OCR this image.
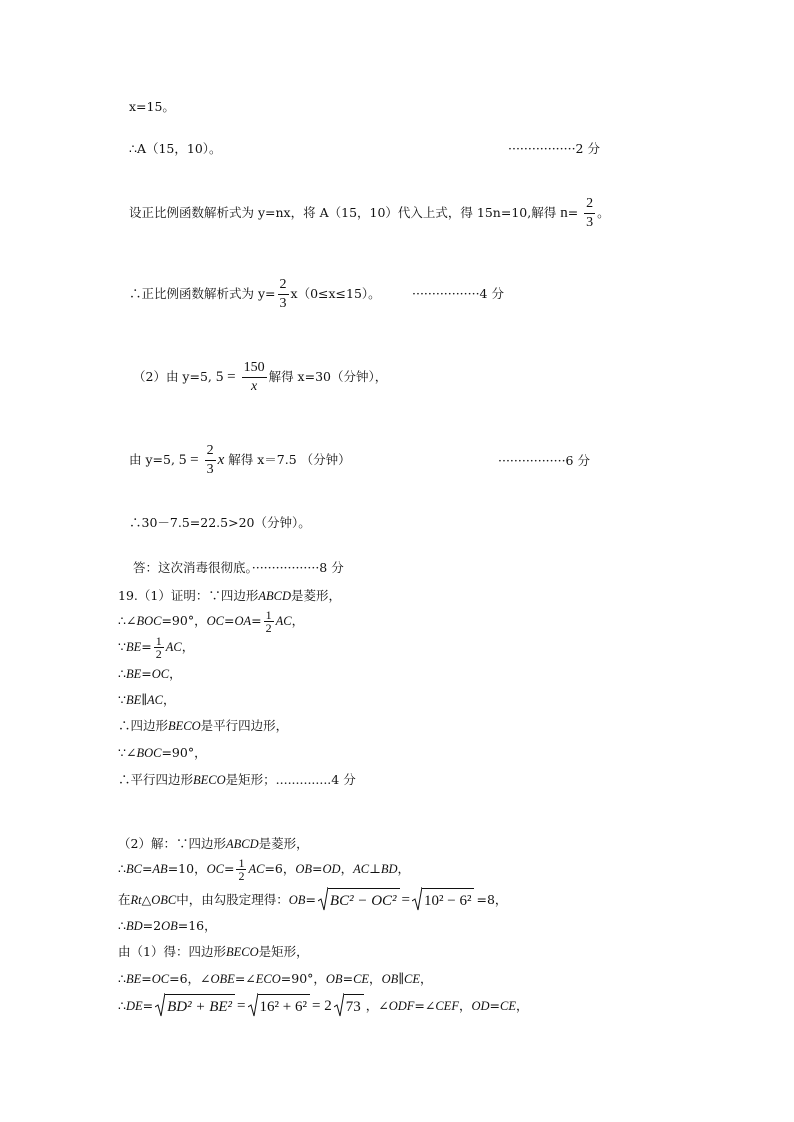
x=15。
∴A（15，10）。	·················2 分
设正比例函数解析式为 y=nx，将 A（15，10）代入上式，得 15n=10,解得 $n= \frac{2}{3}$ 。
∴正比例函数解析式为 $y= \frac{2}{3} x(0\le x\le 15)$。	·················4 分
（2）由 y=5, $5 = \frac{150}{x}$ 解得 x=30（分钟），
由 y=5, $5 = \frac{2}{3}$ x 解得 x＝7.5 （分钟）	·················6 分
∴30－7.5=22.5>20（分钟）。
答：这次消毒很彻底。·················8 分
19.（1）证明：∵四边形ABCD是菱形，
∴∠BOC=90°，$OC=OA= \frac{1}{2}$ AC，
∵BE= $\frac{1}{2}$ AC，
∴BE=OC，
∵BE∥AC，
∴四边形BECO是平行四边形，
∵∠BOC=90°，
∴平行四边形BECO是矩形；..............4 分
（2）解：∵四边形ABCD是菱形，
∴BC=AB=10，$OC= \frac{1}{2} AC=6$，OB=OD，AC⊥BD，
在Rt△OBC中，由勾股定理得：OB= BC² − OC² = 10² − 6² =8，
∴BD=2OB=16，
由（1）得：四边形BECO是矩形，
∴BE=OC=6，∠OBE=∠ECO=90°，OB=CE，OB∥CE，
∴DE= BD² + BE² = 16² + 6² = 2 73 ，∠ODF=∠CEF，OD=CE，
